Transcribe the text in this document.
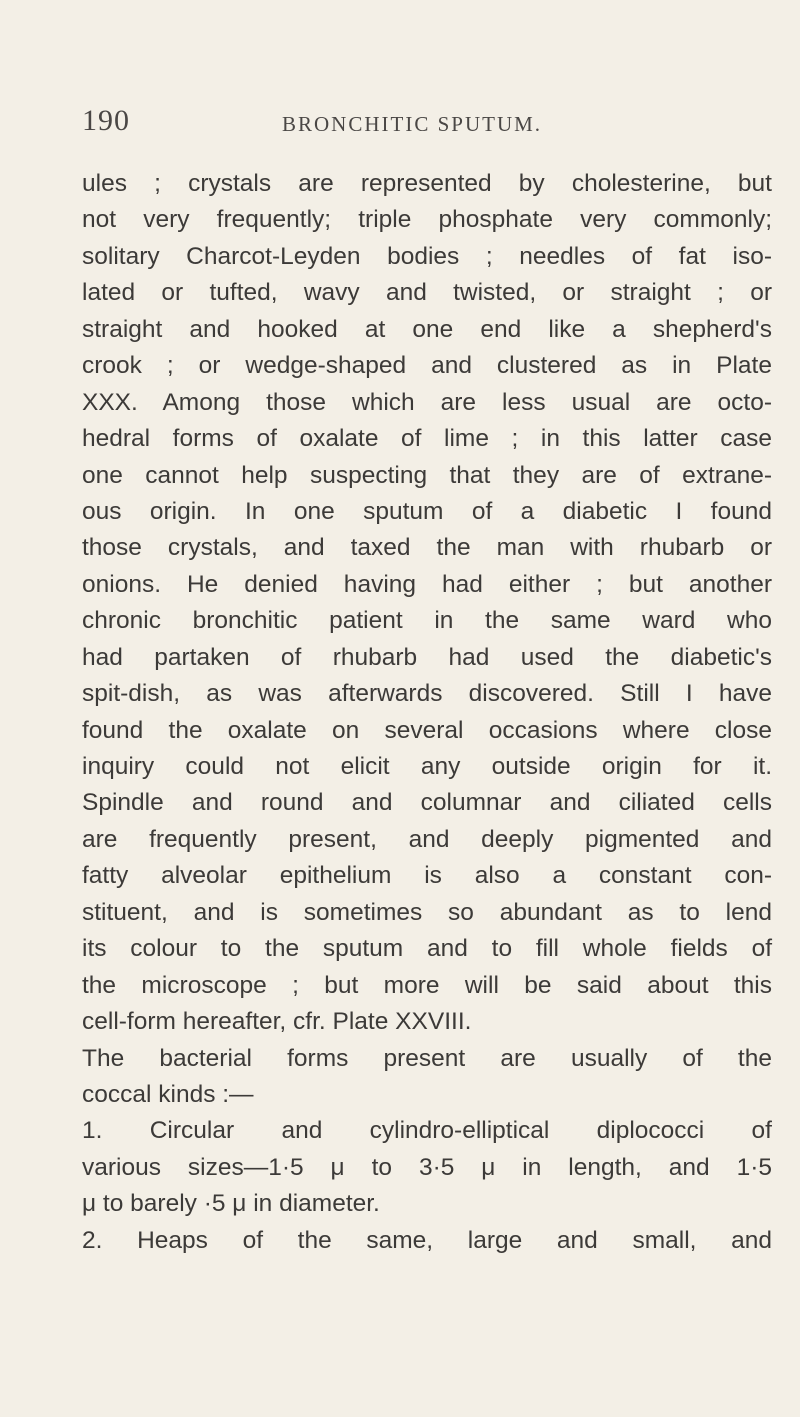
190	BRONCHITIC SPUTUM.
ules ; crystals are represented by cholesterine, but
not very frequently; triple phosphate very commonly;
solitary Charcot-Leyden bodies ; needles of fat iso-
lated or tufted, wavy and twisted, or straight ; or
straight and hooked at one end like a shepherd's
crook ; or wedge-shaped and clustered as in Plate
XXX. Among those which are less usual are octo-
hedral forms of oxalate of lime ; in this latter case
one cannot help suspecting that they are of extrane-
ous origin. In one sputum of a diabetic I found
those crystals, and taxed the man with rhubarb or
onions. He denied having had either ; but another
chronic bronchitic patient in the same ward who
had partaken of rhubarb had used the diabetic's
spit-dish, as was afterwards discovered. Still I have
found the oxalate on several occasions where close
inquiry could not elicit any outside origin for it.
Spindle and round and columnar and ciliated cells
are frequently present, and deeply pigmented and
fatty alveolar epithelium is also a constant con-
stituent, and is sometimes so abundant as to lend
its colour to the sputum and to fill whole fields of
the microscope ; but more will be said about this
cell-form hereafter, cfr. Plate XXVIII.
The bacterial forms present are usually of the
coccal kinds :—
1. Circular and cylindro-elliptical diplococci of
various sizes—1·5 μ to 3·5 μ in length, and 1·5
μ to barely ·5 μ in diameter.
2. Heaps of the same, large and small, and
